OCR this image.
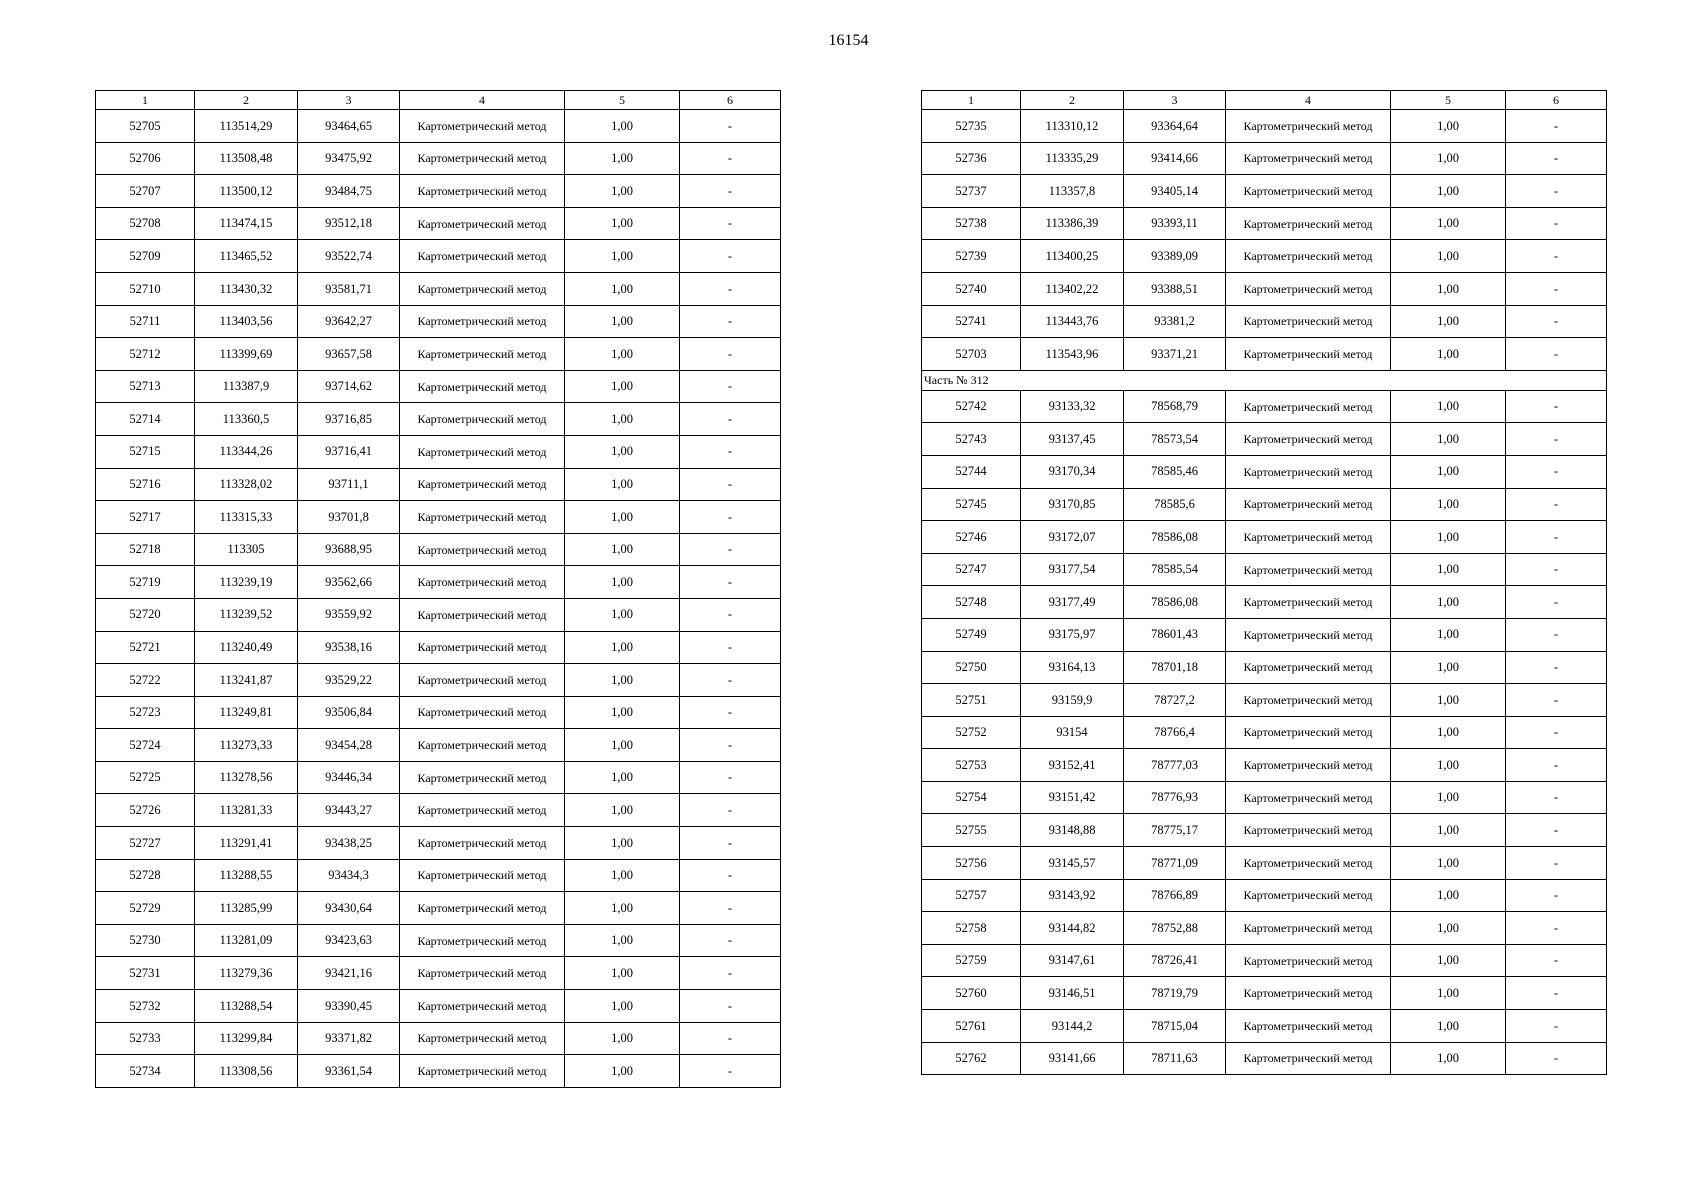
16154
1	2	3	4	5	6
52705	113514,29	93464,65	Картометрический метод	1,00	-
52706	113508,48	93475,92	Картометрический метод	1,00	-
52707	113500,12	93484,75	Картометрический метод	1,00	-
52708	113474,15	93512,18	Картометрический метод	1,00	-
52709	113465,52	93522,74	Картометрический метод	1,00	-
52710	113430,32	93581,71	Картометрический метод	1,00	-
52711	113403,56	93642,27	Картометрический метод	1,00	-
52712	113399,69	93657,58	Картометрический метод	1,00	-
52713	113387,9	93714,62	Картометрический метод	1,00	-
52714	113360,5	93716,85	Картометрический метод	1,00	-
52715	113344,26	93716,41	Картометрический метод	1,00	-
52716	113328,02	93711,1	Картометрический метод	1,00	-
52717	113315,33	93701,8	Картометрический метод	1,00	-
52718	113305	93688,95	Картометрический метод	1,00	-
52719	113239,19	93562,66	Картометрический метод	1,00	-
52720	113239,52	93559,92	Картометрический метод	1,00	-
52721	113240,49	93538,16	Картометрический метод	1,00	-
52722	113241,87	93529,22	Картометрический метод	1,00	-
52723	113249,81	93506,84	Картометрический метод	1,00	-
52724	113273,33	93454,28	Картометрический метод	1,00	-
52725	113278,56	93446,34	Картометрический метод	1,00	-
52726	113281,33	93443,27	Картометрический метод	1,00	-
52727	113291,41	93438,25	Картометрический метод	1,00	-
52728	113288,55	93434,3	Картометрический метод	1,00	-
52729	113285,99	93430,64	Картометрический метод	1,00	-
52730	113281,09	93423,63	Картометрический метод	1,00	-
52731	113279,36	93421,16	Картометрический метод	1,00	-
52732	113288,54	93390,45	Картометрический метод	1,00	-
52733	113299,84	93371,82	Картометрический метод	1,00	-
52734	113308,56	93361,54	Картометрический метод	1,00	-
1	2	3	4	5	6
52735	113310,12	93364,64	Картометрический метод	1,00	-
52736	113335,29	93414,66	Картометрический метод	1,00	-
52737	113357,8	93405,14	Картометрический метод	1,00	-
52738	113386,39	93393,11	Картометрический метод	1,00	-
52739	113400,25	93389,09	Картометрический метод	1,00	-
52740	113402,22	93388,51	Картометрический метод	1,00	-
52741	113443,76	93381,2	Картометрический метод	1,00	-
52703	113543,96	93371,21	Картометрический метод	1,00	-
Часть № 312					
52742	93133,32	78568,79	Картометрический метод	1,00	-
52743	93137,45	78573,54	Картометрический метод	1,00	-
52744	93170,34	78585,46	Картометрический метод	1,00	-
52745	93170,85	78585,6	Картометрический метод	1,00	-
52746	93172,07	78586,08	Картометрический метод	1,00	-
52747	93177,54	78585,54	Картометрический метод	1,00	-
52748	93177,49	78586,08	Картометрический метод	1,00	-
52749	93175,97	78601,43	Картометрический метод	1,00	-
52750	93164,13	78701,18	Картометрический метод	1,00	-
52751	93159,9	78727,2	Картометрический метод	1,00	-
52752	93154	78766,4	Картометрический метод	1,00	-
52753	93152,41	78777,03	Картометрический метод	1,00	-
52754	93151,42	78776,93	Картометрический метод	1,00	-
52755	93148,88	78775,17	Картометрический метод	1,00	-
52756	93145,57	78771,09	Картометрический метод	1,00	-
52757	93143,92	78766,89	Картометрический метод	1,00	-
52758	93144,82	78752,88	Картометрический метод	1,00	-
52759	93147,61	78726,41	Картометрический метод	1,00	-
52760	93146,51	78719,79	Картометрический метод	1,00	-
52761	93144,2	78715,04	Картометрический метод	1,00	-
52762	93141,66	78711,63	Картометрический метод	1,00	-
